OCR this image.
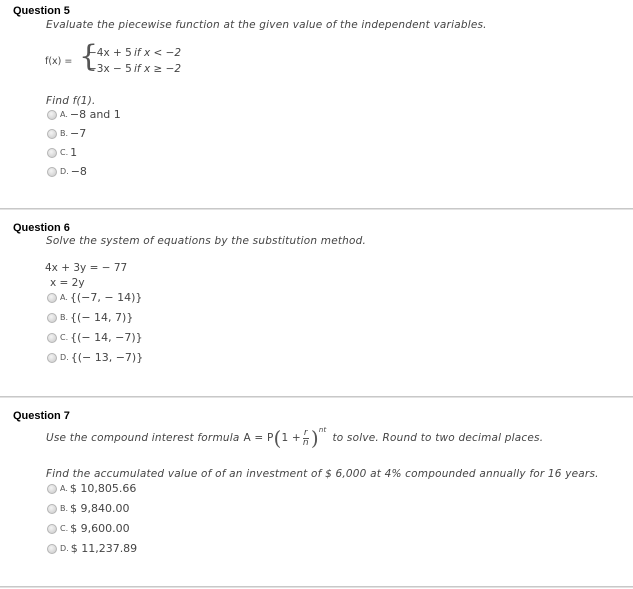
Question 5
Evaluate the piecewise function at the given value of the independent variables.
f(x) = {
−4x + 5 if x < −2
−3x − 5 if x ≥ −2
Find f(1).
A. −8 and 1
B. −7
C. 1
D. −8
Question 6
Solve the system of equations by the substitution method.
4x + 3y = − 77
x = 2y
A. {(−7, − 14)}
B. {(− 14, 7)}
C. {(− 14, −7)}
D. {(− 13, −7)}
Question 7
Use the compound interest formula A = P ( $1 + \frac{r}{n} )^{nt}$
to solve. Round to two decimal places.
Find the accumulated value of of an investment of $ 6,000 at 4% compounded annually for 16 years.
A. $ 10,805.66
B. $ 9,840.00
C. $ 9,600.00
D. $ 11,237.89
